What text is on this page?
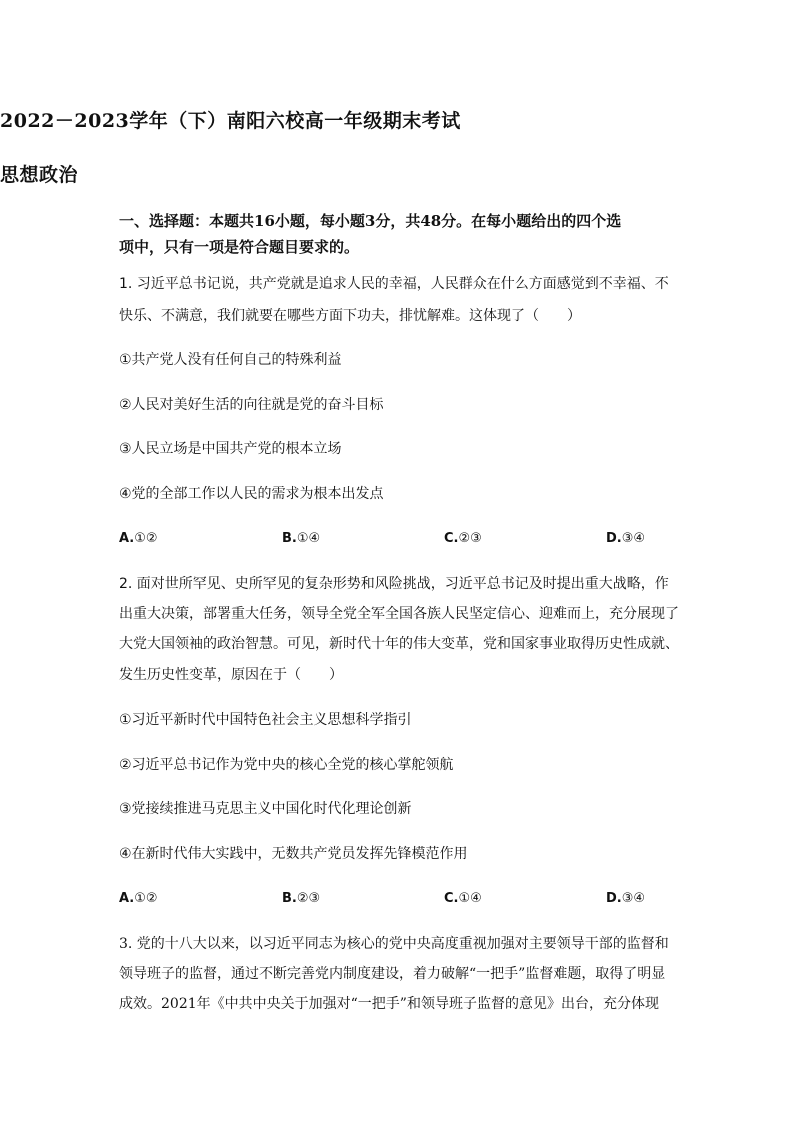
2022－2023学年（下）南阳六校高一年级期末考试
思想政治
一、选择题：本题共16小题，每小题3分，共48分。在每小题给出的四个选
项中，只有一项是符合题目要求的。
1. 习近平总书记说，共产党就是追求人民的幸福，人民群众在什么方面感觉到不幸福、不
快乐、不满意，我们就要在哪些方面下功夫，排忧解难。这体现了（　　）
①共产党人没有任何自己的特殊利益
②人民对美好生活的向往就是党的奋斗目标
③人民立场是中国共产党的根本立场
④党的全部工作以人民的需求为根本出发点
A.①②	B.①④	C.②③	D.③④
2. 面对世所罕见、史所罕见的复杂形势和风险挑战，习近平总书记及时提出重大战略，作
出重大决策，部署重大任务，领导全党全军全国各族人民坚定信心、迎难而上，充分展现了
大党大国领袖的政治智慧。可见，新时代十年的伟大变革，党和国家事业取得历史性成就、
发生历史性变革，原因在于（　　）
①习近平新时代中国特色社会主义思想科学指引
②习近平总书记作为党中央的核心全党的核心掌舵领航
③党接续推进马克思主义中国化时代化理论创新
④在新时代伟大实践中，无数共产党员发挥先锋模范作用
A.①②	B.②③	C.①④	D.③④
3. 党的十八大以来，以习近平同志为核心的党中央高度重视加强对主要领导干部的监督和
领导班子的监督，通过不断完善党内制度建设，着力破解“一把手”监督难题，取得了明显
成效。2021年《中共中央关于加强对“一把手”和领导班子监督的意见》出台，充分体现
